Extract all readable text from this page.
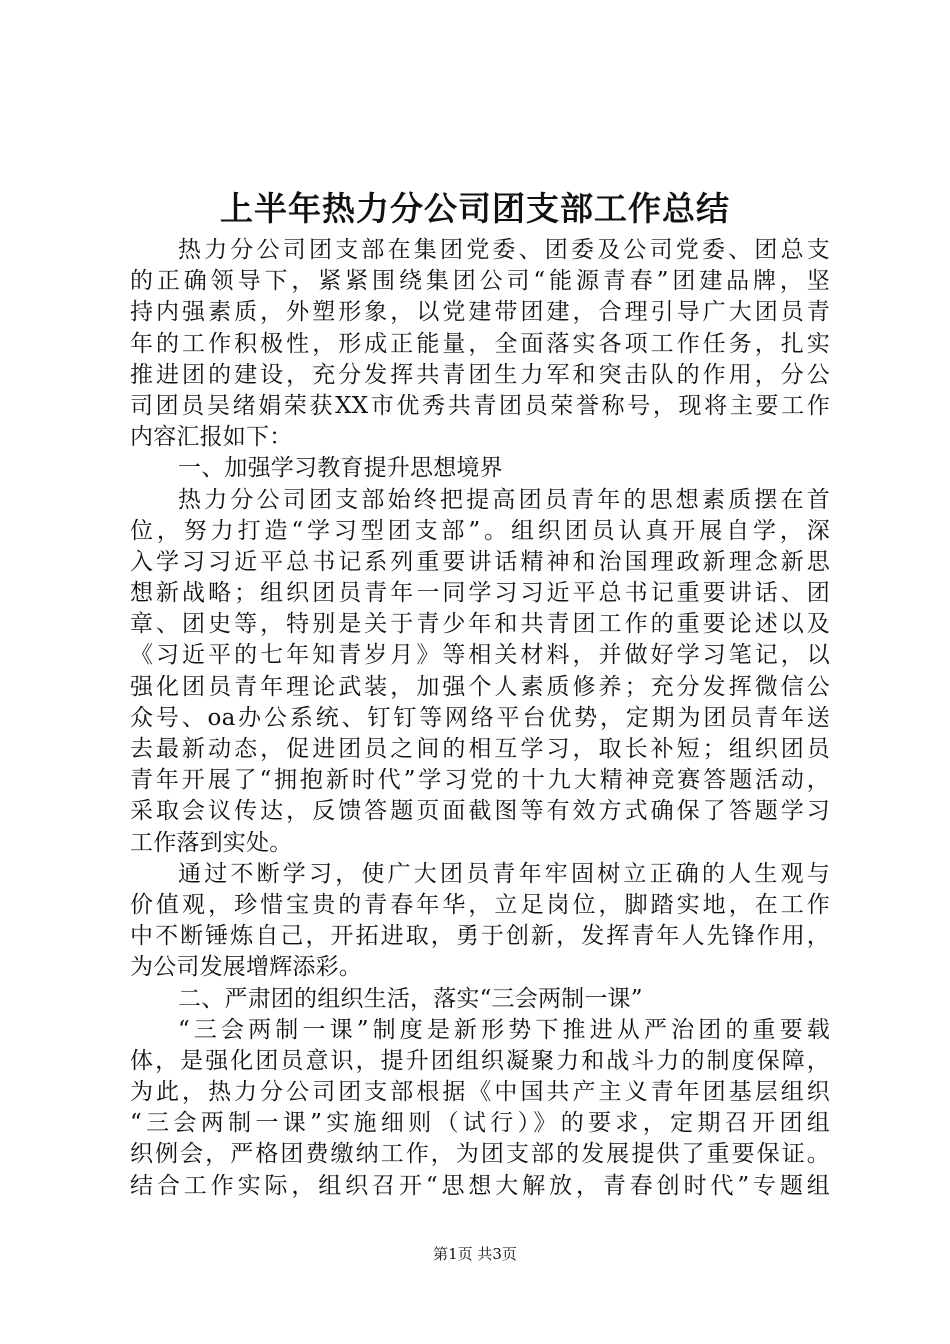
上半年热力分公司团支部工作总结
热力分公司团支部在集团党委、团委及公司党委、团总支
的正确领导下，紧紧围绕集团公司“能源青春”团建品牌，坚
持内强素质，外塑形象，以党建带团建，合理引导广大团员青
年的工作积极性，形成正能量，全面落实各项工作任务，扎实
推进团的建设，充分发挥共青团生力军和突击队的作用，分公
司团员吴绪娟荣获XX市优秀共青团员荣誉称号，现将主要工作
内容汇报如下：
一、加强学习教育提升思想境界
热力分公司团支部始终把提高团员青年的思想素质摆在首
位，努力打造“学习型团支部”。组织团员认真开展自学，深
入学习习近平总书记系列重要讲话精神和治国理政新理念新思
想新战略；组织团员青年一同学习习近平总书记重要讲话、团
章、团史等，特别是关于青少年和共青团工作的重要论述以及
《习近平的七年知青岁月》等相关材料，并做好学习笔记，以
强化团员青年理论武装，加强个人素质修养；充分发挥微信公
众号、oa办公系统、钉钉等网络平台优势，定期为团员青年送
去最新动态，促进团员之间的相互学习，取长补短；组织团员
青年开展了“拥抱新时代”学习党的十九大精神竞赛答题活动，
采取会议传达，反馈答题页面截图等有效方式确保了答题学习
工作落到实处。
通过不断学习，使广大团员青年牢固树立正确的人生观与
价值观，珍惜宝贵的青春年华，立足岗位，脚踏实地，在工作
中不断锤炼自己，开拓进取，勇于创新，发挥青年人先锋作用，
为公司发展增辉添彩。
二、严肃团的组织生活，落实“三会两制一课”
“三会两制一课”制度是新形势下推进从严治团的重要载
体，是强化团员意识，提升团组织凝聚力和战斗力的制度保障，
为此，热力分公司团支部根据《中国共产主义青年团基层组织
“三会两制一课”实施细则（试行）》的要求，定期召开团组
织例会，严格团费缴纳工作，为团支部的发展提供了重要保证。
结合工作实际，组织召开“思想大解放，青春创时代”专题组
第1页 共3页
